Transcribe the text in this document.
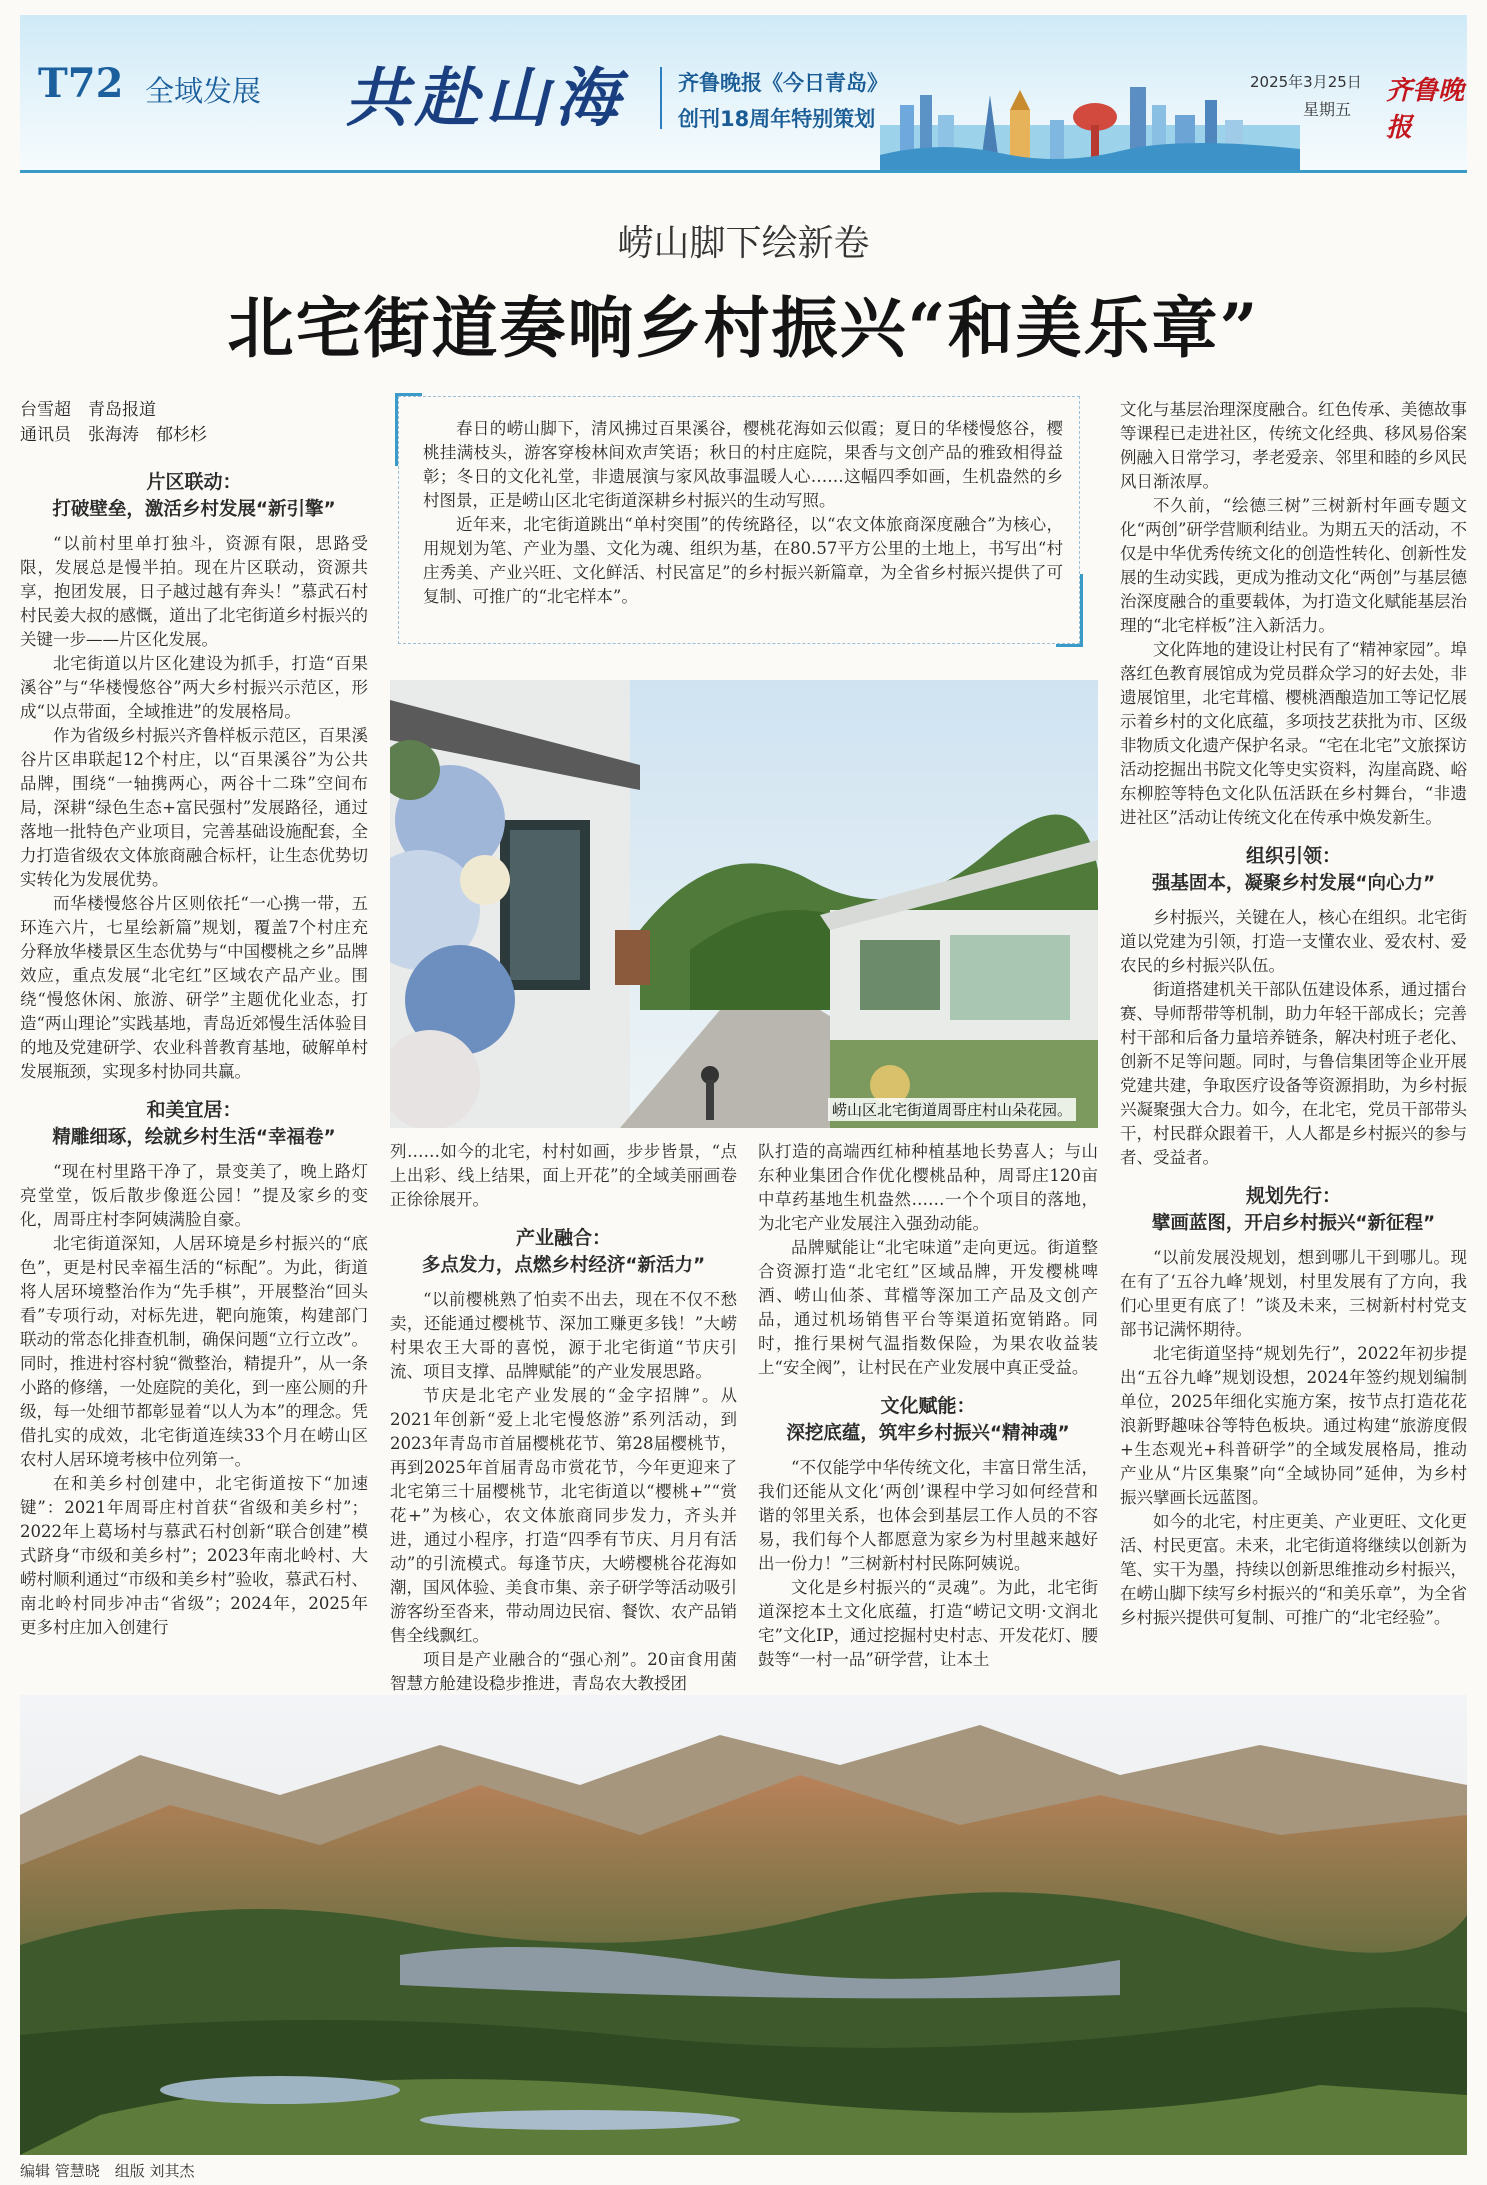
T72 全域发展 共赴山海	齐鲁晚报《今日青岛》
创刊18周年特别策划
2025年3月25日
星期五
齐鲁晚报
崂山脚下绘新卷
北宅街道奏响乡村振兴“和美乐章”
台雪超　青岛报道
通讯员　张海涛　郁杉杉
片区联动：
打破壁垒，激活乡村发展“新引擎”

“以前村里单打独斗，资源有限，思路受限，发展总是慢半拍。现在片区联动，资源共享，抱团发展，日子越过越有奔头！”慕武石村村民姜大叔的感慨，道出了北宅街道乡村振兴的关键一步——片区化发展。

北宅街道以片区化建设为抓手，打造“百果溪谷”与“华楼慢悠谷”两大乡村振兴示范区，形成“以点带面，全域推进”的发展格局。

作为省级乡村振兴齐鲁样板示范区，百果溪谷片区串联起12个村庄，以“百果溪谷”为公共品牌，围绕“一轴携两心，两谷十二珠”空间布局，深耕“绿色生态+富民强村”发展路径，通过落地一批特色产业项目，完善基础设施配套，全力打造省级农文体旅商融合标杆，让生态优势切实转化为发展优势。

而华楼慢悠谷片区则依托“一心携一带，五环连六片，七星绘新篇”规划，覆盖7个村庄充分释放华楼景区生态优势与“中国樱桃之乡”品牌效应，重点发展“北宅红”区域农产品产业。围绕“慢悠休闲、旅游、研学”主题优化业态，打造“两山理论”实践基地，青岛近郊慢生活体验目的地及党建研学、农业科普教育基地，破解单村发展瓶颈，实现多村协同共赢。

和美宜居：
精雕细琢，绘就乡村生活“幸福卷”

“现在村里路干净了，景变美了，晚上路灯亮堂堂，饭后散步像逛公园！”提及家乡的变化，周哥庄村李阿姨满脸自豪。

北宅街道深知，人居环境是乡村振兴的“底色”，更是村民幸福生活的“标配”。为此，街道将人居环境整治作为“先手棋”，开展整治“回头看”专项行动，对标先进，靶向施策，构建部门联动的常态化排查机制，确保问题“立行立改”。同时，推进村容村貌“微整治，精提升”，从一条小路的修缮，一处庭院的美化，到一座公厕的升级，每一处细节都彰显着“以人为本”的理念。凭借扎实的成效，北宅街道连续33个月在崂山区农村人居环境考核中位列第一。

在和美乡村创建中，北宅街道按下“加速键”：2021年周哥庄村首获“省级和美乡村”；2022年上葛场村与慕武石村创新“联合创建”模式跻身“市级和美乡村”；2023年南北岭村、大崂村顺利通过“市级和美乡村”验收，慕武石村、南北岭村同步冲击“省级”；2024年，2025年更多村庄加入创建行

春日的崂山脚下，清风拂过百果溪谷，樱桃花海如云似霞；夏日的华楼慢悠谷，樱桃挂满枝头，游客穿梭林间欢声笑语；秋日的村庄庭院，果香与文创产品的雅致相得益彰；冬日的文化礼堂，非遗展演与家风故事温暖人心……这幅四季如画，生机盎然的乡村图景，正是崂山区北宅街道深耕乡村振兴的生动写照。

近年来，北宅街道跳出“单村突围”的传统路径，以“农文体旅商深度融合”为核心，用规划为笔、产业为墨、文化为魂、组织为基，在80.57平方公里的土地上，书写出“村庄秀美、产业兴旺、文化鲜活、村民富足”的乡村振兴新篇章，为全省乡村振兴提供了可复制、可推广的“北宅样本”。

崂山区北宅街道周哥庄村山朵花园。

列……如今的北宅，村村如画，步步皆景，“点上出彩、线上结果，面上开花”的全域美丽画卷正徐徐展开。

产业融合：
多点发力，点燃乡村经济“新活力”

“以前樱桃熟了怕卖不出去，现在不仅不愁卖，还能通过樱桃节、深加工赚更多钱！”大崂村果农王大哥的喜悦，源于北宅街道“节庆引流、项目支撑、品牌赋能”的产业发展思路。

节庆是北宅产业发展的“金字招牌”。从2021年创新“爱上北宅慢悠游”系列活动，到2023年青岛市首届樱桃花节、第28届樱桃节，再到2025年首届青岛市赏花节，今年更迎来了北宅第三十届樱桃节，北宅街道以“樱桃+”“赏花+”为核心，农文体旅商同步发力，齐头并进，通过小程序，打造“四季有节庆、月月有活动”的引流模式。每逢节庆，大崂樱桃谷花海如潮，国风体验、美食市集、亲子研学等活动吸引游客纷至沓来，带动周边民宿、餐饮、农产品销售全线飘红。

项目是产业融合的“强心剂”。20亩食用菌智慧方舱建设稳步推进，青岛农大教授团

队打造的高端西红柿种植基地长势喜人；与山东种业集团合作优化樱桃品种，周哥庄120亩中草药基地生机盎然……一个个项目的落地，为北宅产业发展注入强劲动能。

品牌赋能让“北宅味道”走向更远。街道整合资源打造“北宅红”区域品牌，开发樱桃啤酒、崂山仙茶、茸檔等深加工产品及文创产品，通过机场销售平台等渠道拓宽销路。同时，推行果树气温指数保险，为果农收益装上“安全阀”，让村民在产业发展中真正受益。

文化赋能：
深挖底蕴，筑牢乡村振兴“精神魂”

“不仅能学中华传统文化，丰富日常生活，我们还能从文化‘两创’课程中学习如何经营和谐的邻里关系，也体会到基层工作人员的不容易，我们每个人都愿意为家乡为村里越来越好出一份力！”三树新村村民陈阿姨说。

文化是乡村振兴的“灵魂”。为此，北宅街道深挖本土文化底蕴，打造“崂记文明·文润北宅”文化IP，通过挖掘村史村志、开发花灯、腰鼓等“一村一品”研学营，让本土

文化与基层治理深度融合。红色传承、美德故事等课程已走进社区，传统文化经典、移风易俗案例融入日常学习，孝老爱亲、邻里和睦的乡风民风日渐浓厚。

不久前，“绘德三树”三树新村年画专题文化“两创”研学营顺利结业。为期五天的活动，不仅是中华优秀传统文化的创造性转化、创新性发展的生动实践，更成为推动文化“两创”与基层德治深度融合的重要载体，为打造文化赋能基层治理的“北宅样板”注入新活力。

文化阵地的建设让村民有了“精神家园”。埠落红色教育展馆成为党员群众学习的好去处，非遗展馆里，北宅茸檔、樱桃酒酿造加工等记忆展示着乡村的文化底蕴，多项技艺获批为市、区级非物质文化遗产保护名录。“宅在北宅”文旅探访活动挖掘出书院文化等史实资料，沟崖高跷、峪东柳腔等特色文化队伍活跃在乡村舞台，“非遗进社区”活动让传统文化在传承中焕发新生。

组织引领：
强基固本，凝聚乡村发展“向心力”

乡村振兴，关键在人，核心在组织。北宅街道以党建为引领，打造一支懂农业、爱农村、爱农民的乡村振兴队伍。

街道搭建机关干部队伍建设体系，通过擂台赛、导师帮带等机制，助力年轻干部成长；完善村干部和后备力量培养链条，解决村班子老化、创新不足等问题。同时，与鲁信集团等企业开展党建共建，争取医疗设备等资源捐助，为乡村振兴凝聚强大合力。如今，在北宅，党员干部带头干，村民群众跟着干，人人都是乡村振兴的参与者、受益者。

规划先行：
擘画蓝图，开启乡村振兴“新征程”

“以前发展没规划，想到哪儿干到哪儿。现在有了‘五谷九峰’规划，村里发展有了方向，我们心里更有底了！”谈及未来，三树新村村党支部书记满怀期待。

北宅街道坚持“规划先行”，2022年初步提出“五谷九峰”规划设想，2024年签约规划编制单位，2025年细化实施方案，按节点打造花花浪新野趣味谷等特色板块。通过构建“旅游度假+生态观光+科普研学”的全域发展格局，推动产业从“片区集聚”向“全域协同”延伸，为乡村振兴擘画长远蓝图。

如今的北宅，村庄更美、产业更旺、文化更活、村民更富。未来，北宅街道将继续以创新为笔、实干为墨，持续以创新思维推动乡村振兴，在崂山脚下续写乡村振兴的“和美乐章”，为全省乡村振兴提供可复制、可推广的“北宅经验”。

编辑 管慧晓　组版 刘其杰
